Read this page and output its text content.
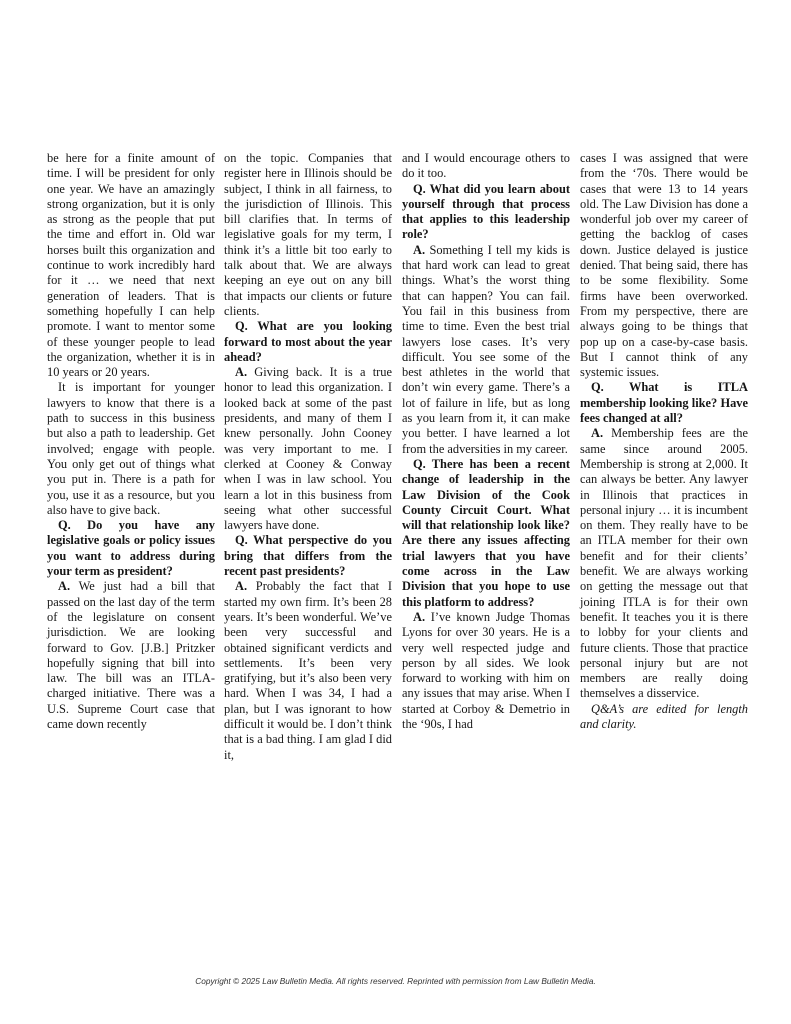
be here for a finite amount of time. I will be president for only one year. We have an amazingly strong organization, but it is only as strong as the people that put the time and effort in. Old war horses built this organization and continue to work incredibly hard for it … we need that next generation of leaders. That is something hopefully I can help promote. I want to mentor some of these younger people to lead the organization, whether it is in 10 years or 20 years.

It is important for younger lawyers to know that there is a path to success in this business but also a path to leadership. Get involved; engage with people. You only get out of things what you put in. There is a path for you, use it as a resource, but you also have to give back.

Q. Do you have any legislative goals or policy issues you want to address during your term as president?

A. We just had a bill that passed on the last day of the term of the legislature on consent jurisdiction. We are looking forward to Gov. [J.B.] Pritzker hopefully signing that bill into law. The bill was an ITLA-charged initiative. There was a U.S. Supreme Court case that came down recently

on the topic. Companies that register here in Illinois should be subject, I think in all fairness, to the jurisdiction of Illinois. This bill clarifies that. In terms of legislative goals for my term, I think it’s a little bit too early to talk about that. We are always keeping an eye out on any bill that impacts our clients or future clients.

Q. What are you looking forward to most about the year ahead?

A. Giving back. It is a true honor to lead this organization. I looked back at some of the past presidents, and many of them I knew personally. John Cooney was very important to me. I clerked at Cooney & Conway when I was in law school. You learn a lot in this business from seeing what other successful lawyers have done.

Q. What perspective do you bring that differs from the recent past presidents?

A. Probably the fact that I started my own firm. It’s been 28 years. It’s been wonderful. We’ve been very successful and obtained significant verdicts and settlements. It’s been very gratifying, but it’s also been very hard. When I was 34, I had a plan, but I was ignorant to how difficult it would be. I don’t think that is a bad thing. I am glad I did it,

and I would encourage others to do it too.

Q. What did you learn about yourself through that process that applies to this leadership role?

A. Something I tell my kids is that hard work can lead to great things. What’s the worst thing that can happen? You can fail. You fail in this business from time to time. Even the best trial lawyers lose cases. It’s very difficult. You see some of the best athletes in the world that don’t win every game. There’s a lot of failure in life, but as long as you learn from it, it can make you better. I have learned a lot from the adversities in my career.

Q. There has been a recent change of leadership in the Law Division of the Cook County Circuit Court. What will that relationship look like? Are there any issues affecting trial lawyers that you have come across in the Law Division that you hope to use this platform to address?

A. I’ve known Judge Thomas Lyons for over 30 years. He is a very well respected judge and person by all sides. We look forward to working with him on any issues that may arise. When I started at Corboy & Demetrio in the ‘90s, I had

cases I was assigned that were from the ‘70s. There would be cases that were 13 to 14 years old. The Law Division has done a wonderful job over my career of getting the backlog of cases down. Justice delayed is justice denied. That being said, there has to be some flexibility. Some firms have been overworked. From my perspective, there are always going to be things that pop up on a case-by-case basis. But I cannot think of any systemic issues.

Q. What is ITLA membership looking like? Have fees changed at all?

A. Membership fees are the same since around 2005. Membership is strong at 2,000. It can always be better. Any lawyer in Illinois that practices in personal injury … it is incumbent on them. They really have to be an ITLA member for their own benefit and for their clients’ benefit. We are always working on getting the message out that joining ITLA is for their own benefit. It teaches you it is there to lobby for your clients and future clients. Those that practice personal injury but are not members are really doing themselves a disservice.

Q&A’s are edited for length and clarity.

Copyright © 2025 Law Bulletin Media. All rights reserved. Reprinted with permission from Law Bulletin Media.
